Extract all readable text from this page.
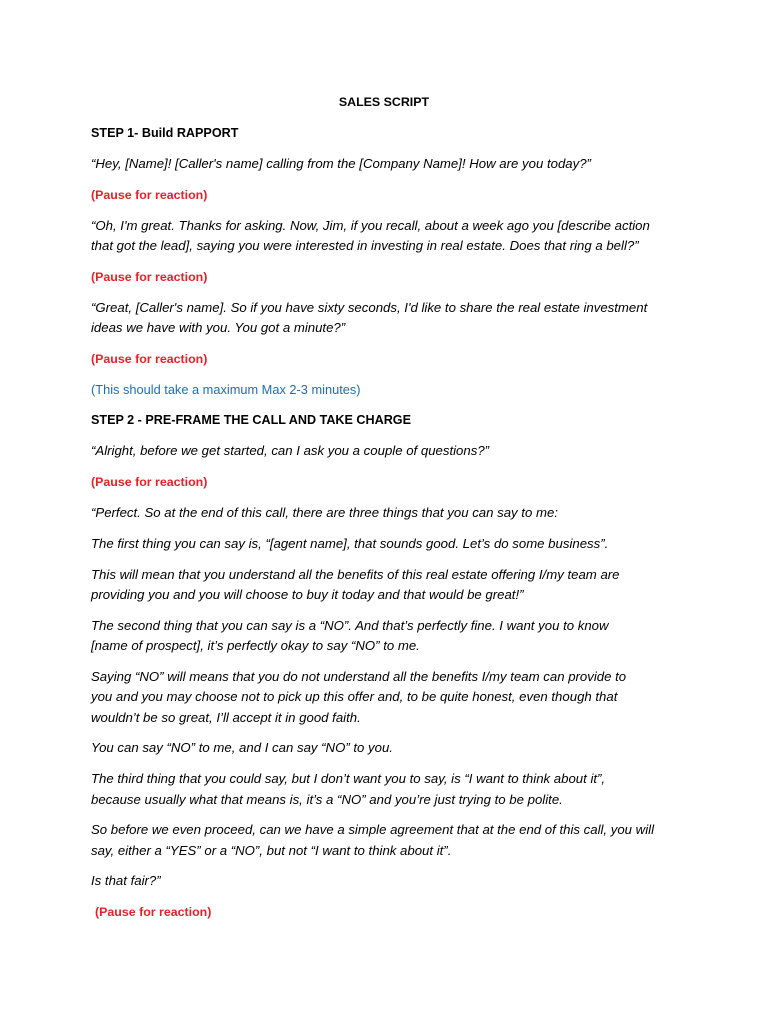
SALES SCRIPT

STEP 1- Build RAPPORT

“Hey, [Name]! [Caller's name] calling from the [Company Name]! How are you today?”

(Pause for reaction)

“Oh, I'm great. Thanks for asking. Now, Jim, if you recall, about a week ago you [describe action

that got the lead], saying you were interested in investing in real estate. Does that ring a bell?”

(Pause for reaction)

“Great, [Caller's name]. So if you have sixty seconds, I'd like to share the real estate investment

ideas we have with you. You got a minute?”

(Pause for reaction)

(This should take a maximum Max 2-3 minutes)

STEP 2 - PRE-FRAME THE CALL AND TAKE CHARGE

“Alright, before we get started, can I ask you a couple of questions?”

(Pause for reaction)

“Perfect. So at the end of this call, there are three things that you can say to me:

The first thing you can say is, “[agent name], that sounds good. Let’s do some business”.

This will mean that you understand all the benefits of this real estate offering I/my team are

providing you and you will choose to buy it today and that would be great!”

The second thing that you can say is a “NO”. And that’s perfectly fine. I want you to know

[name of prospect], it’s perfectly okay to say “NO” to me.

Saying “NO” will means that you do not understand all the benefits I/my team can provide to

you and you may choose not to pick up this offer and, to be quite honest, even though that

wouldn’t be so great, I’ll accept it in good faith.

You can say “NO” to me, and I can say “NO” to you.

The third thing that you could say, but I don’t want you to say, is “I want to think about it”,

because usually what that means is, it’s a “NO” and you’re just trying to be polite.

So before we even proceed, can we have a simple agreement that at the end of this call, you will

say, either a “YES” or a “NO”, but not “I want to think about it”.

Is that fair?”

(Pause for reaction)
